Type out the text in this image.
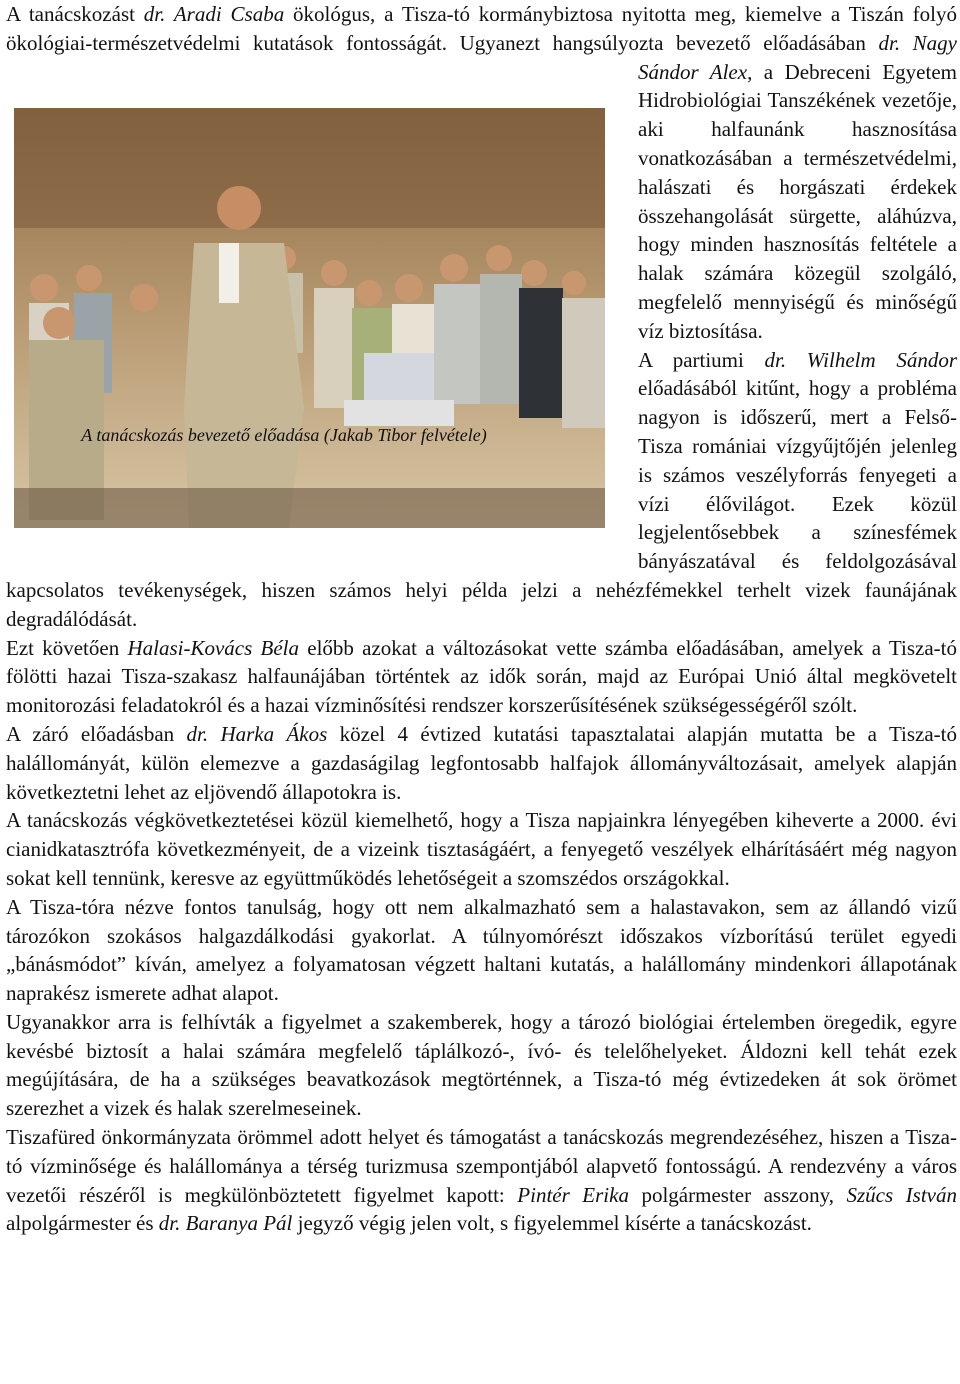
A tanácskozás bevezető előadása (Jakab Tibor felvétele)
A tanácskozást dr. Aradi Csaba ökológus, a Tisza-tó kormánybiztosa nyitotta meg, kiemelve a Tiszán folyó ökológiai-természetvédelmi kutatások fontosságát. Ugyanezt hangsúlyozta bevezető előadásában dr. Nagy Sándor Alex, a Debreceni Egyetem Hidrobiológiai Tanszékének vezetője, aki halfaunánk hasznosítása vonatkozásában a természetvédelmi, halászati és horgászati érdekek összehangolását sürgette, aláhúzva, hogy minden hasznosítás feltétele a halak számára közegül szolgáló, megfelelő mennyiségű és minőségű víz biztosítása.

A partiumi dr. Wilhelm Sándor előadásából kitűnt, hogy a probléma nagyon is időszerű, mert a Felső-Tisza romániai vízgyűjtőjén jelenleg is számos veszélyforrás fenyegeti a vízi élővilágot. Ezek közül legjelentősebbek a színesfémek bányászatával és feldolgozásával kapcsolatos tevékenységek, hiszen számos helyi példa jelzi a nehézfémekkel terhelt vizek faunájának degradálódását.

Ezt követően Halasi-Kovács Béla előbb azokat a változásokat vette számba előadásában, amelyek a Tisza-tó fölötti hazai Tisza-szakasz halfaunájában történtek az idők során, majd az Európai Unió által megkövetelt monitorozási feladatokról és a hazai vízminősítési rendszer korszerűsítésének szükségességéről szólt.

A záró előadásban dr. Harka Ákos közel 4 évtized kutatási tapasztalatai alapján mutatta be a Tisza-tó halállományát, külön elemezve a gazdaságilag legfontosabb halfajok állományváltozásait, amelyek alapján következtetni lehet az eljövendő állapotokra is.

A tanácskozás végkövetkeztetései közül kiemelhető, hogy a Tisza napjainkra lényegében kiheverte a 2000. évi cianidkatasztrófa következményeit, de a vizeink tisztaságáért, a fenyegető veszélyek elhárításáért még nagyon sokat kell tennünk, keresve az együttműködés lehetőségeit a szomszédos országokkal.

A Tisza-tóra nézve fontos tanulság, hogy ott nem alkalmazható sem a halastavakon, sem az állandó vizű tározókon szokásos halgazdálkodási gyakorlat. A túlnyomórészt időszakos vízborítású terület egyedi „bánásmódot” kíván, amelyez a folyamatosan végzett haltani kutatás, a halállomány mindenkori állapotának naprakész ismerete adhat alapot.

Ugyanakkor arra is felhívták a figyelmet a szakemberek, hogy a tározó biológiai értelemben öregedik, egyre kevésbé biztosít a halai számára megfelelő táplálkozó-, ívó- és telelőhelyeket. Áldozni kell tehát ezek megújítására, de ha a szükséges beavatkozások megtörténnek, a Tisza-tó még évtizedeken át sok örömet szerezhet a vizek és halak szerelmeseinek.

Tiszafüred önkormányzata örömmel adott helyet és támogatást a tanácskozás megrendezéséhez, hiszen a Tisza-tó vízminősége és halállománya a térség turizmusa szempontjából alapvető fontosságú. A rendezvény a város vezetői részéről is megkülönböztetett figyelmet kapott: Pintér Erika polgármester asszony, Szűcs István alpolgármester és dr. Baranya Pál jegyző végig jelen volt, s figyelemmel kísérte a tanácskozást.
